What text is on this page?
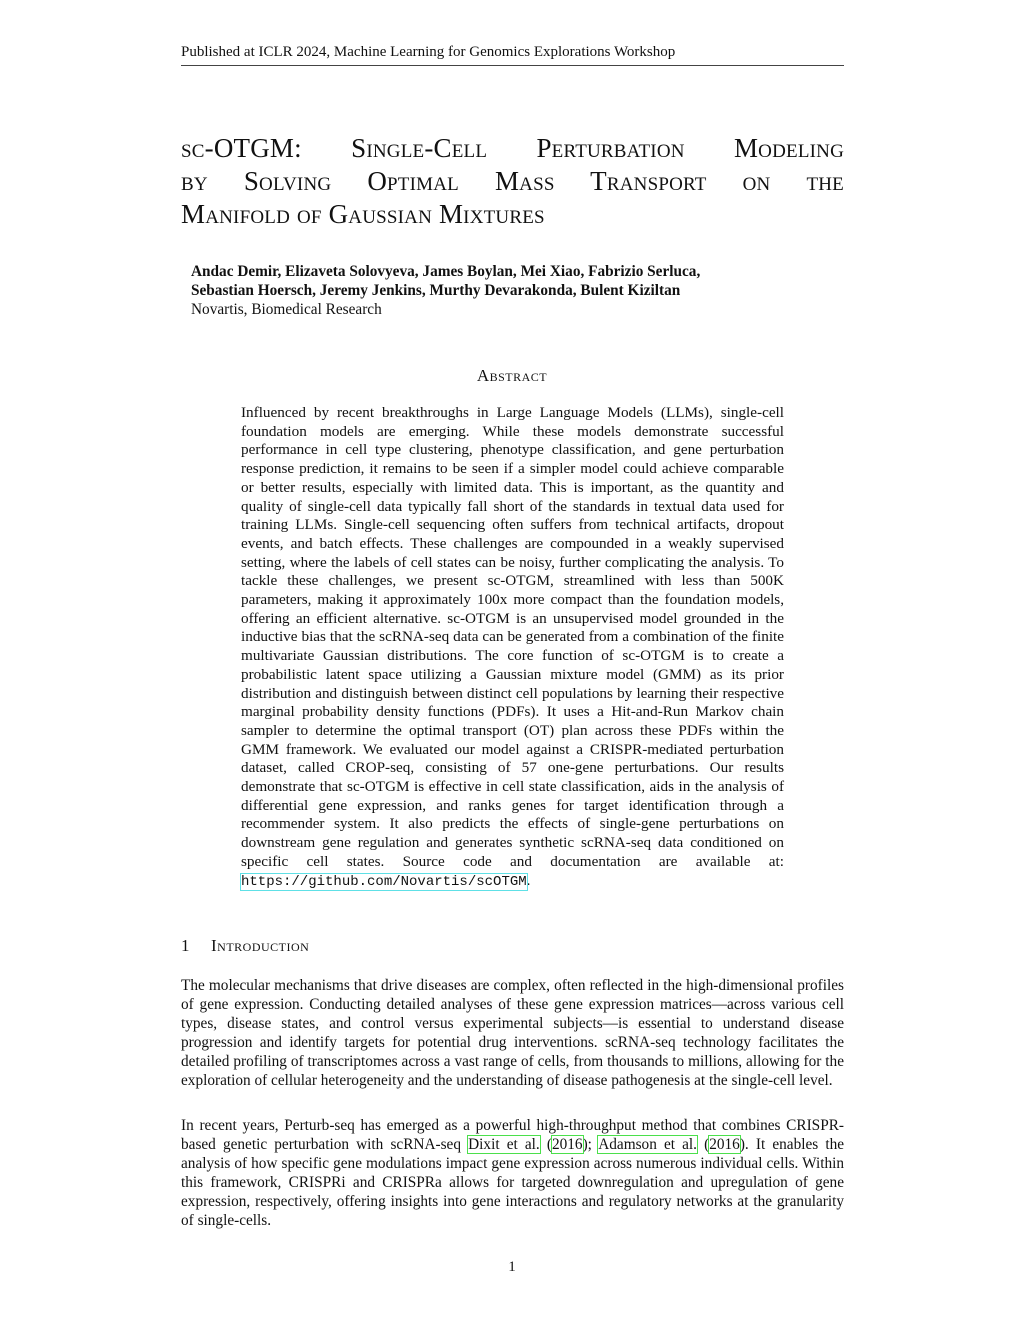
Published at ICLR 2024, Machine Learning for Genomics Explorations Workshop
sc-OTGM: Single-Cell Perturbation Modeling
by Solving Optimal Mass Transport on the
Manifold of Gaussian Mixtures
Andac Demir, Elizaveta Solovyeva, James Boylan, Mei Xiao, Fabrizio Serluca,
Sebastian Hoersch, Jeremy Jenkins, Murthy Devarakonda, Bulent Kiziltan
Novartis, Biomedical Research
Abstract
Influenced by recent breakthroughs in Large Language Models (LLMs), single-cell foundation models are emerging. While these models demonstrate successful performance in cell type clustering, phenotype classification, and gene perturbation response prediction, it remains to be seen if a simpler model could achieve comparable or better results, especially with limited data. This is important, as the quantity and quality of single-cell data typically fall short of the standards in textual data used for training LLMs. Single-cell sequencing often suffers from technical artifacts, dropout events, and batch effects. These challenges are compounded in a weakly supervised setting, where the labels of cell states can be noisy, further complicating the analysis. To tackle these challenges, we present sc-OTGM, streamlined with less than 500K parameters, making it approximately 100x more compact than the foundation models, offering an efficient alternative. sc-OTGM is an unsupervised model grounded in the inductive bias that the scRNA-seq data can be generated from a combination of the finite multivariate Gaussian distributions. The core function of sc-OTGM is to create a probabilistic latent space utilizing a Gaussian mixture model (GMM) as its prior distribution and distinguish between distinct cell populations by learning their respective marginal probability density functions (PDFs). It uses a Hit-and-Run Markov chain sampler to determine the optimal transport (OT) plan across these PDFs within the GMM framework. We evaluated our model against a CRISPR-mediated perturbation dataset, called CROP-seq, consisting of 57 one-gene perturbations. Our results demonstrate that sc-OTGM is effective in cell state classification, aids in the analysis of differential gene expression, and ranks genes for target identification through a recommender system. It also predicts the effects of single-gene perturbations on downstream gene regulation and generates synthetic scRNA-seq data conditioned on specific cell states. Source code and documentation are available at: https://github.com/Novartis/scOTGM.
1 Introduction
The molecular mechanisms that drive diseases are complex, often reflected in the high-dimensional profiles of gene expression. Conducting detailed analyses of these gene expression matrices—across various cell types, disease states, and control versus experimental subjects—is essential to understand disease progression and identify targets for potential drug interventions. scRNA-seq technology facilitates the detailed profiling of transcriptomes across a vast range of cells, from thousands to millions, allowing for the exploration of cellular heterogeneity and the understanding of disease pathogenesis at the single-cell level.
In recent years, Perturb-seq has emerged as a powerful high-throughput method that combines CRISPR-based genetic perturbation with scRNA-seq Dixit et al. (2016); Adamson et al. (2016). It enables the analysis of how specific gene modulations impact gene expression across numerous individual cells. Within this framework, CRISPRi and CRISPRa allows for targeted downregulation and upregulation of gene expression, respectively, offering insights into gene interactions and regulatory networks at the granularity of single-cells.
1
